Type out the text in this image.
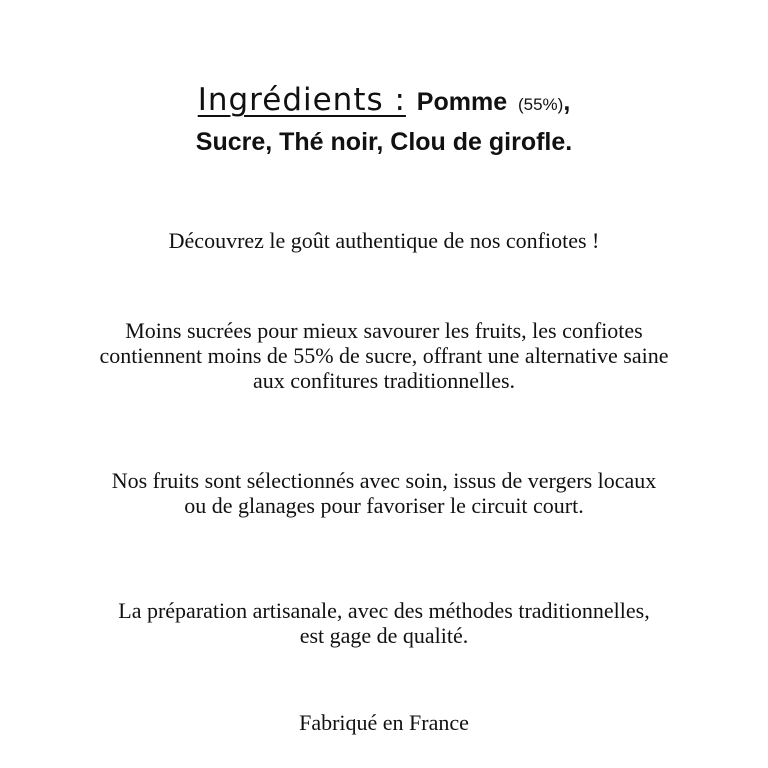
Ingrédients : Pomme (55%),
Sucre, Thé noir, Clou de girofle.
Découvrez le goût authentique de nos confiotes !
Moins sucrées pour mieux savourer les fruits, les confiotes
contiennent moins de 55% de sucre, offrant une alternative saine
aux confitures traditionnelles.
Nos fruits sont sélectionnés avec soin, issus de vergers locaux
ou de glanages pour favoriser le circuit court.
La préparation artisanale, avec des méthodes traditionnelles,
est gage de qualité.
Fabriqué en France
